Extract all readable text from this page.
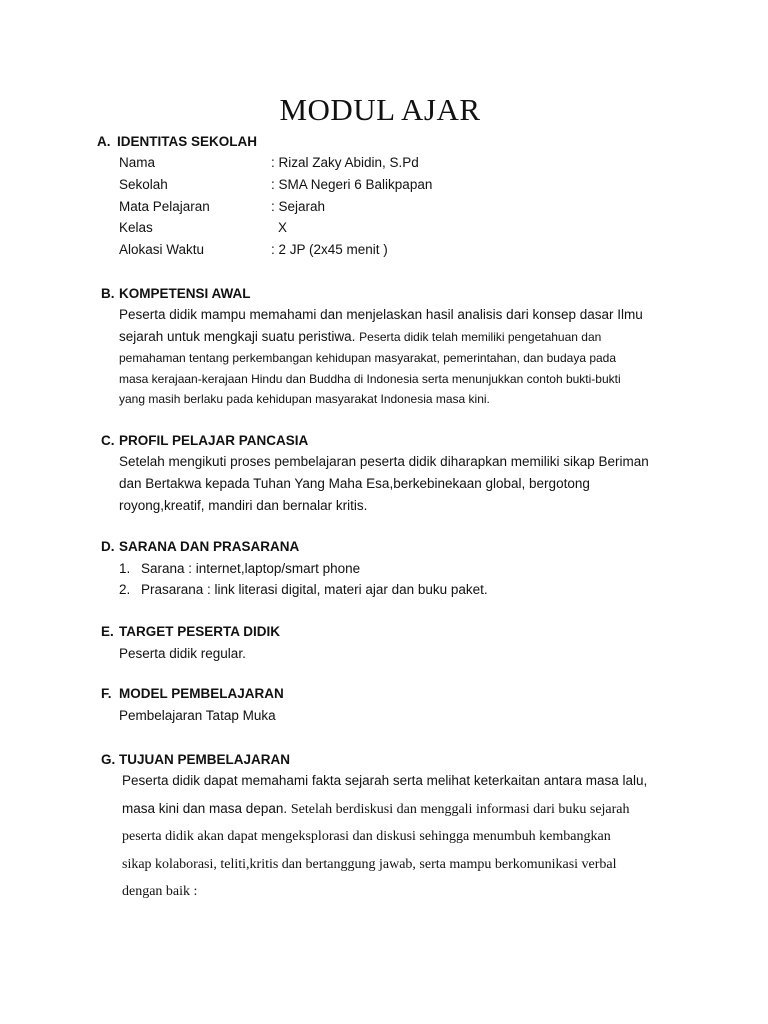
MODUL AJAR
A. IDENTITAS SEKOLAH
Nama	: Rizal Zaky Abidin, S.Pd
Sekolah	: SMA Negeri 6 Balikpapan
Mata Pelajaran	: Sejarah
Kelas	X
Alokasi Waktu	: 2 JP (2x45 menit )
B. KOMPETENSI AWAL
Peserta didik mampu memahami dan menjelaskan hasil analisis dari konsep dasar Ilmu
sejarah untuk mengkaji suatu peristiwa. Peserta didik telah memiliki pengetahuan dan
pemahaman tentang perkembangan kehidupan masyarakat, pemerintahan, dan budaya pada
masa kerajaan-kerajaan Hindu dan Buddha di Indonesia serta menunjukkan contoh bukti-bukti
yang masih berlaku pada kehidupan masyarakat Indonesia masa kini.
C. PROFIL PELAJAR PANCASIA
Setelah mengikuti proses pembelajaran peserta didik diharapkan memiliki sikap Beriman
dan Bertakwa kepada Tuhan Yang Maha Esa,berkebinekaan global, bergotong
royong,kreatif, mandiri dan bernalar kritis.
D. SARANA DAN PRASARANA
1. Sarana : internet,laptop/smart phone
2. Prasarana : link literasi digital, materi ajar dan buku paket.
E. TARGET PESERTA DIDIK
Peserta didik regular.
F. MODEL PEMBELAJARAN
Pembelajaran Tatap Muka
G. TUJUAN PEMBELAJARAN
Peserta didik dapat memahami fakta sejarah serta melihat keterkaitan antara masa lalu,
masa kini dan masa depan. Setelah berdiskusi dan menggali informasi dari buku sejarah
peserta didik akan dapat mengeksplorasi dan diskusi sehingga menumbuh kembangkan
sikap kolaborasi, teliti,kritis dan bertanggung jawab, serta mampu berkomunikasi verbal
dengan baik :
